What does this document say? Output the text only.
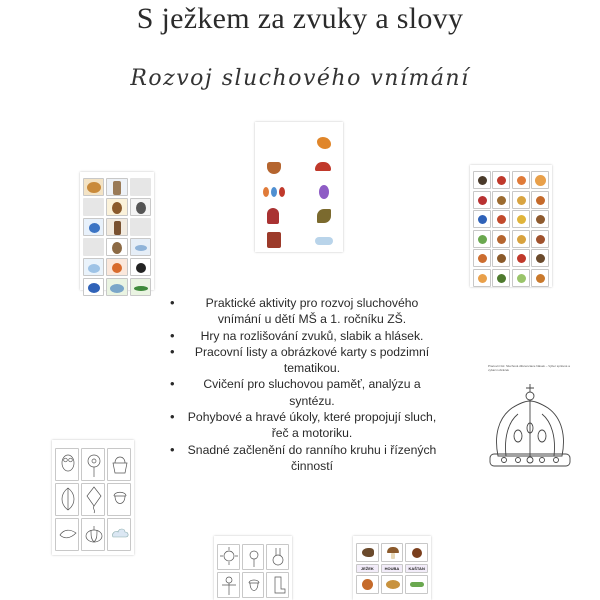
S ježkem za zvuky a slovy
Rozvoj sluchového vnímání
• Praktické aktivity pro rozvoj sluchového vnímání u dětí MŠ a 1. ročníku ZŠ.
• Hry na rozlišování zvuků, slabik a hlásek.
• Pracovní listy a obrázkové karty s podzimní tematikou.
• Cvičení pro sluchovou paměť, analýzu a syntézu.
• Pohybové a hravé úkoly, které propojují sluch, řeč a motoriku.
• Snadné začlenění do ranního kruhu i řízených činností
Pracovní list: Sluchová diferenciace hlásek – Vyber správné a vybarvi obrázek
JEŽEK	HOUBA	KAŠTAN
